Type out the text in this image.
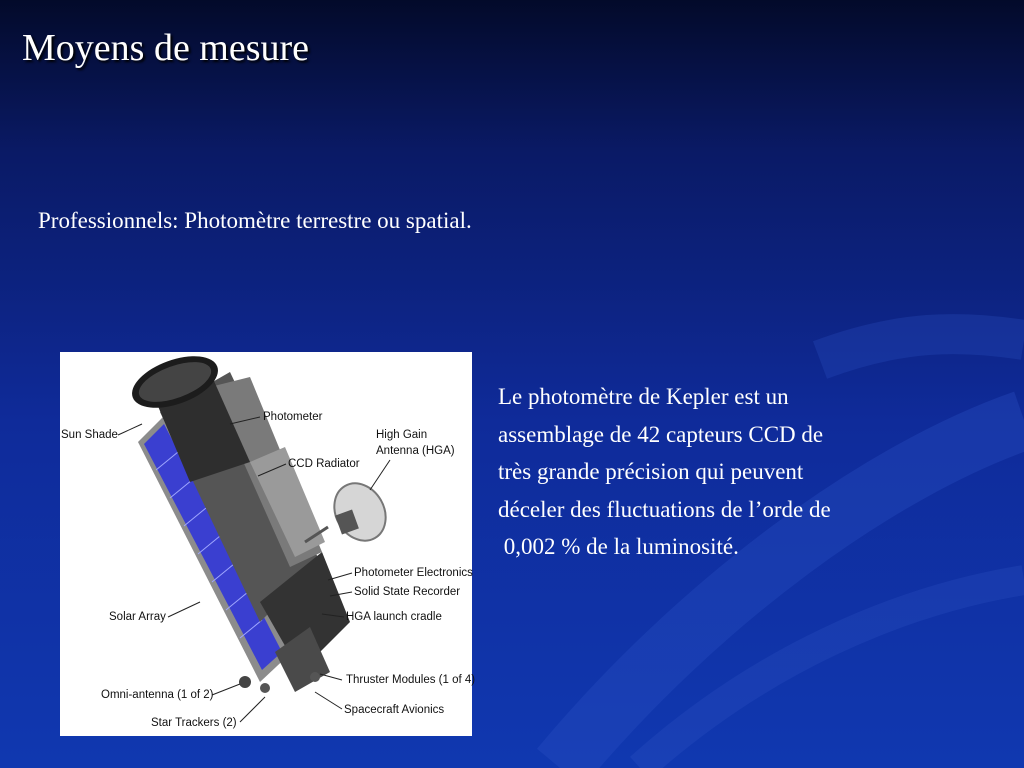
Moyens de mesure

Professionnels: Photomètre terrestre ou spatial.

Sun Shade
Photometer
High Gain
Antenna (HGA)
CCD Radiator
Photometer Electronics
Solid State Recorder
HGA launch cradle
Solar Array
Thruster Modules (1 of 4)
Omni-antenna (1 of 2)
Spacecraft Avionics
Star Trackers (2)

Le photomètre de Kepler est un
assemblage de 42 capteurs CCD de
très grande précision qui peuvent
déceler des fluctuations de l’orde de
0,002 % de la luminosité.
